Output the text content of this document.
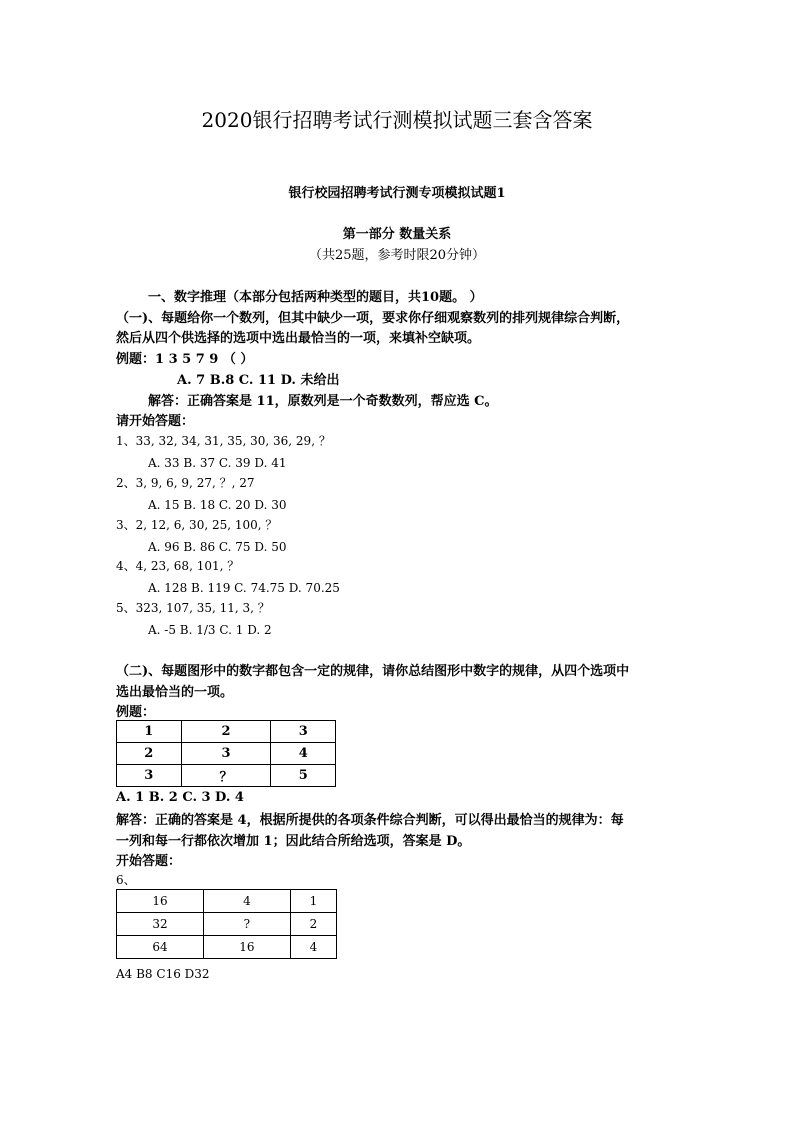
2020银行招聘考试行测模拟试题三套含答案
银行校园招聘考试行测专项模拟试题1
第一部分 数量关系
（共25题，参考时限20分钟）
一、数字推理（本部分包括两种类型的题目，共10题。 ）
（一)、每题给你一个数列，但其中缺少一项，要求你仔细观察数列的排列规律综合判断，
然后从四个供选择的选项中选出最恰当的一项，来填补空缺项。
例题：1 3 5 7 9 （ ）
A. 7 B.8 C. 11 D. 未给出
解答：正确答案是 11，原数列是一个奇数数列，帮应选 C。
请开始答题：
1、33, 32, 34, 31, 35, 30, 36, 29, ？
A. 33 B. 37 C. 39 D. 41
2、3, 9, 6, 9, 27, ？, 27
A. 15 B. 18 C. 20 D. 30
3、2, 12, 6, 30, 25, 100, ？
A. 96 B. 86 C. 75 D. 50
4、4, 23, 68, 101, ？
A. 128 B. 119 C. 74.75 D. 70.25
5、323, 107, 35, 11, 3, ？
A. -5 B. 1/3 C. 1 D. 2
（二)、每题图形中的数字都包含一定的规律，请你总结图形中数字的规律，从四个选项中
选出最恰当的一项。
例题：
1	2	3
2	3	4
3	？	5
A. 1 B. 2 C. 3 D. 4
解答：正确的答案是 4，根据所提供的各项条件综合判断，可以得出最恰当的规律为：每
一列和每一行都依次增加 1；因此结合所给选项，答案是 D。
开始答题：
6、
16	4	1
32	?	2
64	16	4
A4 B8 C16 D32
